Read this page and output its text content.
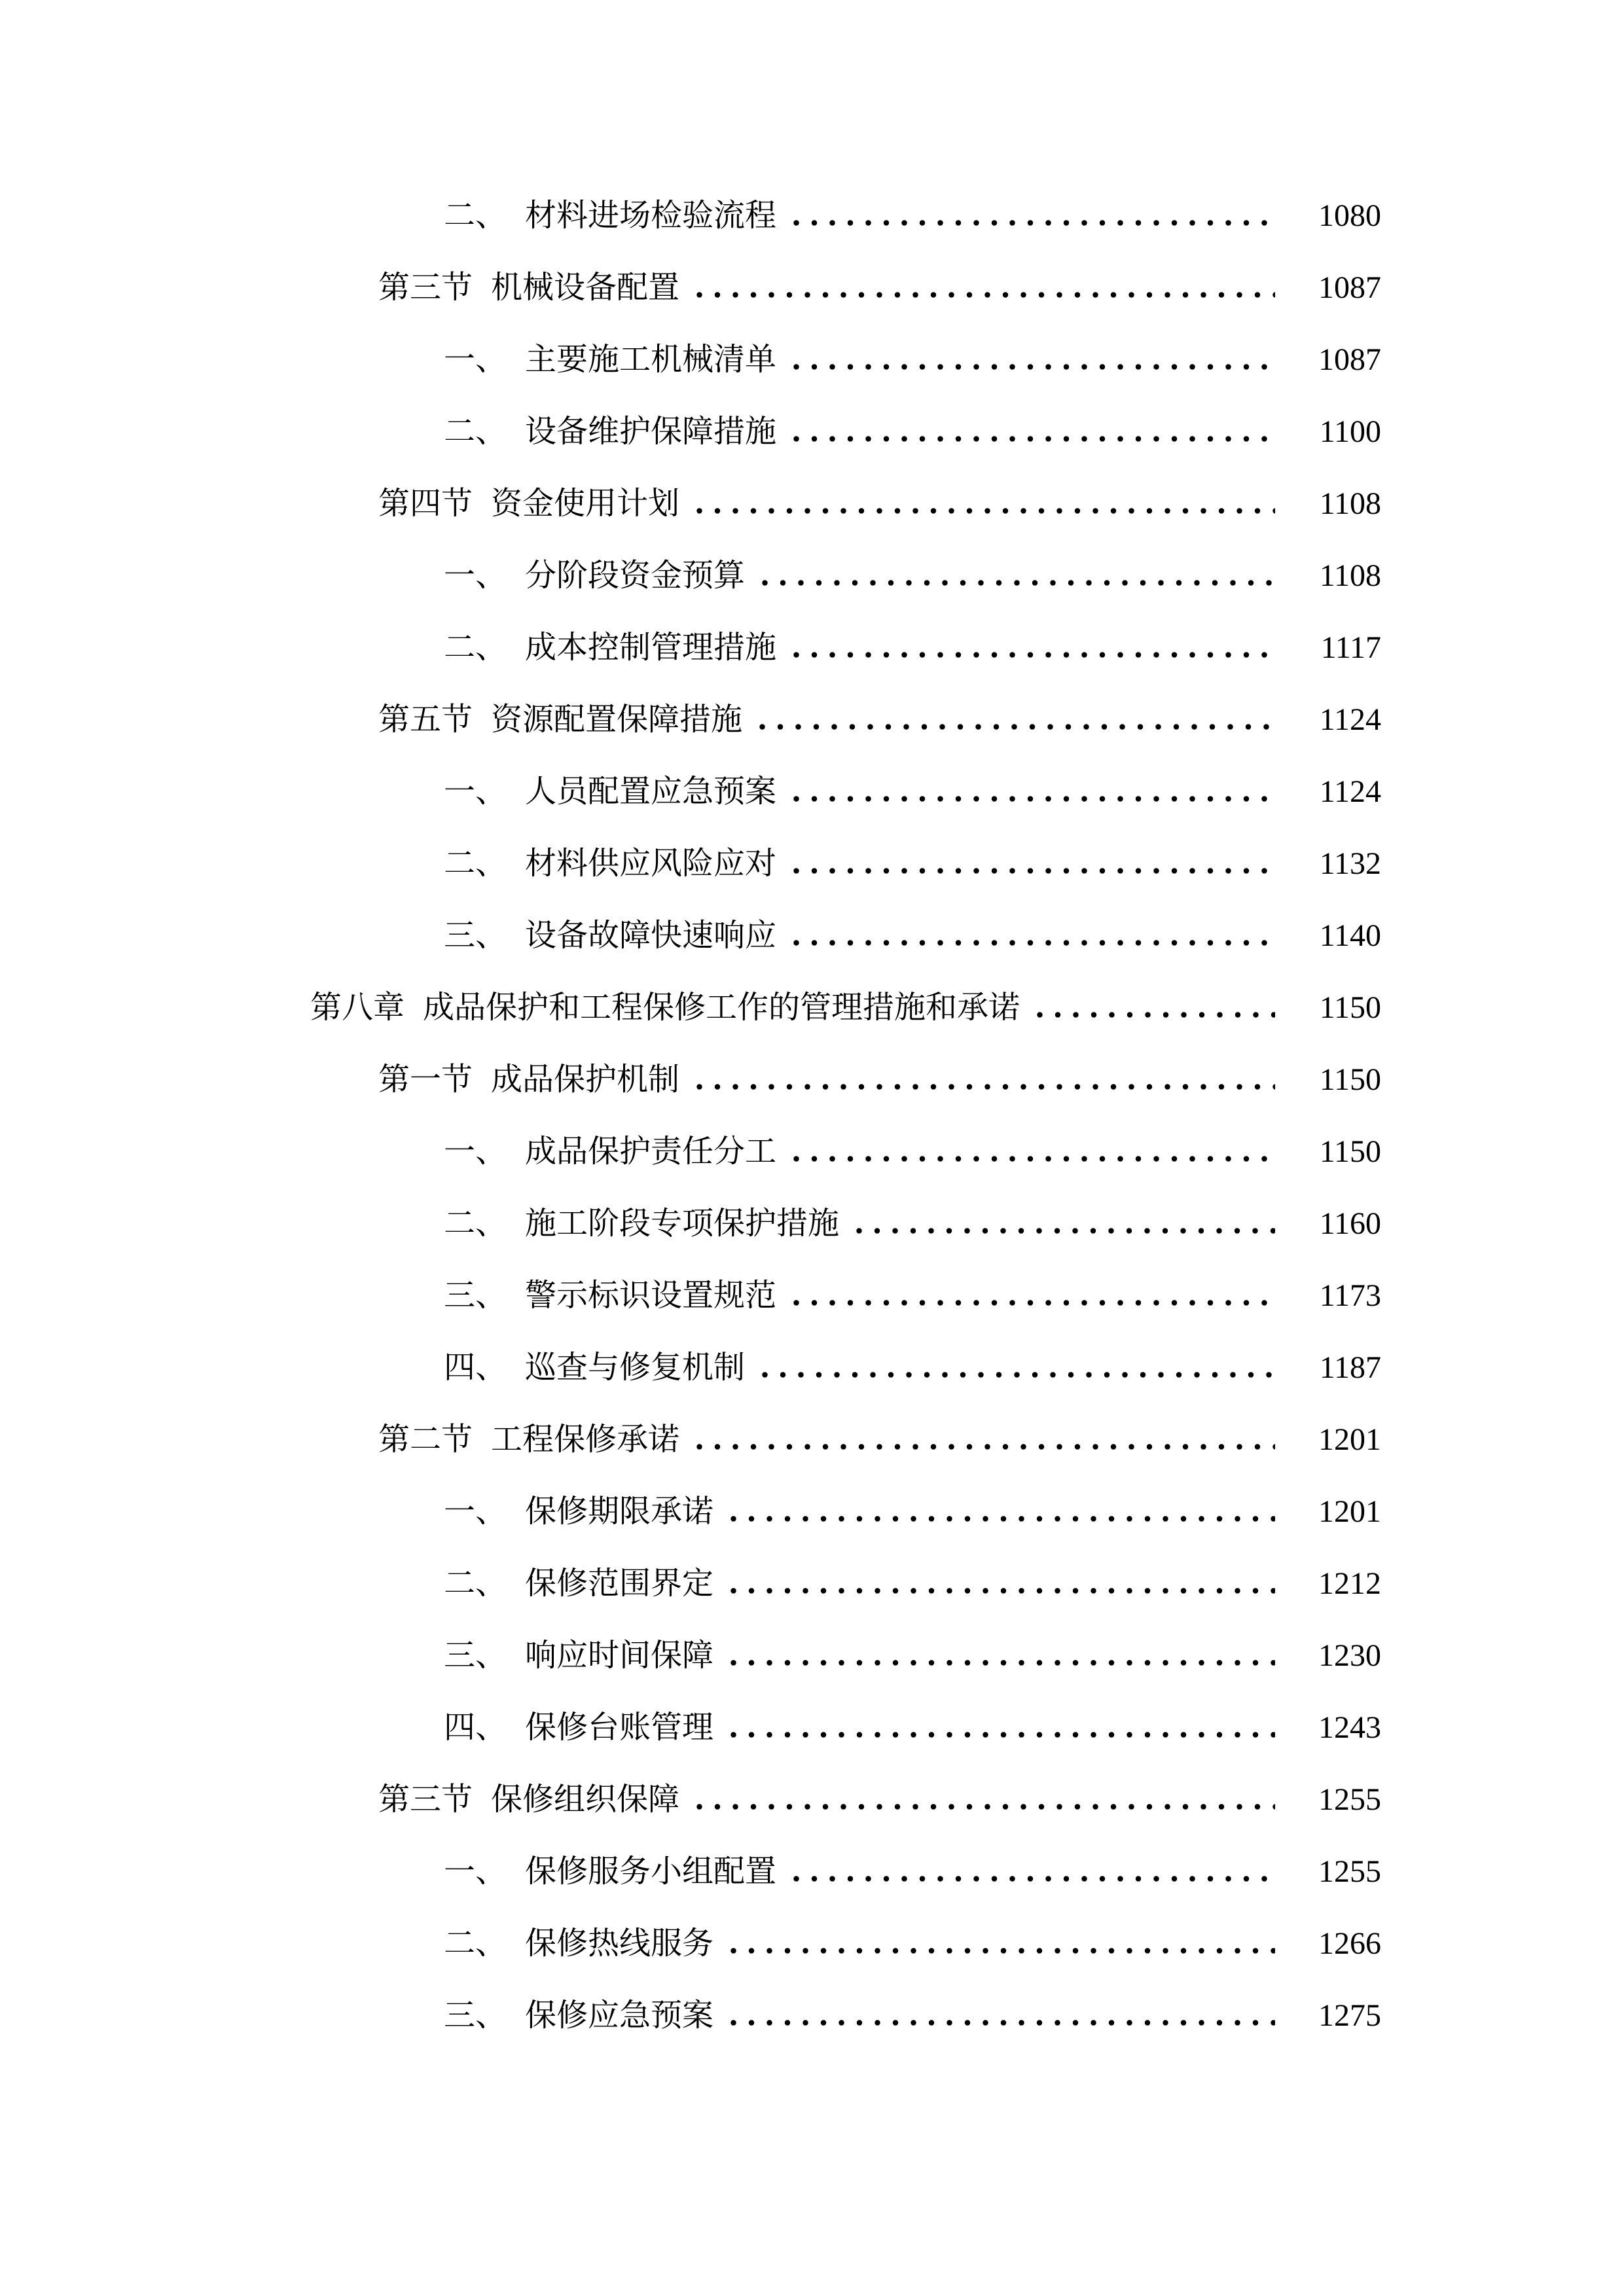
二、 材料进场检验流程	1080
第三节 机械设备配置	1087
一、 主要施工机械清单	1087
二、 设备维护保障措施	1100
第四节 资金使用计划	1108
一、 分阶段资金预算	1108
二、 成本控制管理措施	1117
第五节 资源配置保障措施	1124
一、 人员配置应急预案	1124
二、 材料供应风险应对	1132
三、 设备故障快速响应	1140
第八章 成品保护和工程保修工作的管理措施和承诺	1150
第一节 成品保护机制	1150
一、 成品保护责任分工	1150
二、 施工阶段专项保护措施	1160
三、 警示标识设置规范	1173
四、 巡查与修复机制	1187
第二节 工程保修承诺	1201
一、 保修期限承诺	1201
二、 保修范围界定	1212
三、 响应时间保障	1230
四、 保修台账管理	1243
第三节 保修组织保障	1255
一、 保修服务小组配置	1255
二、 保修热线服务	1266
三、 保修应急预案	1275
